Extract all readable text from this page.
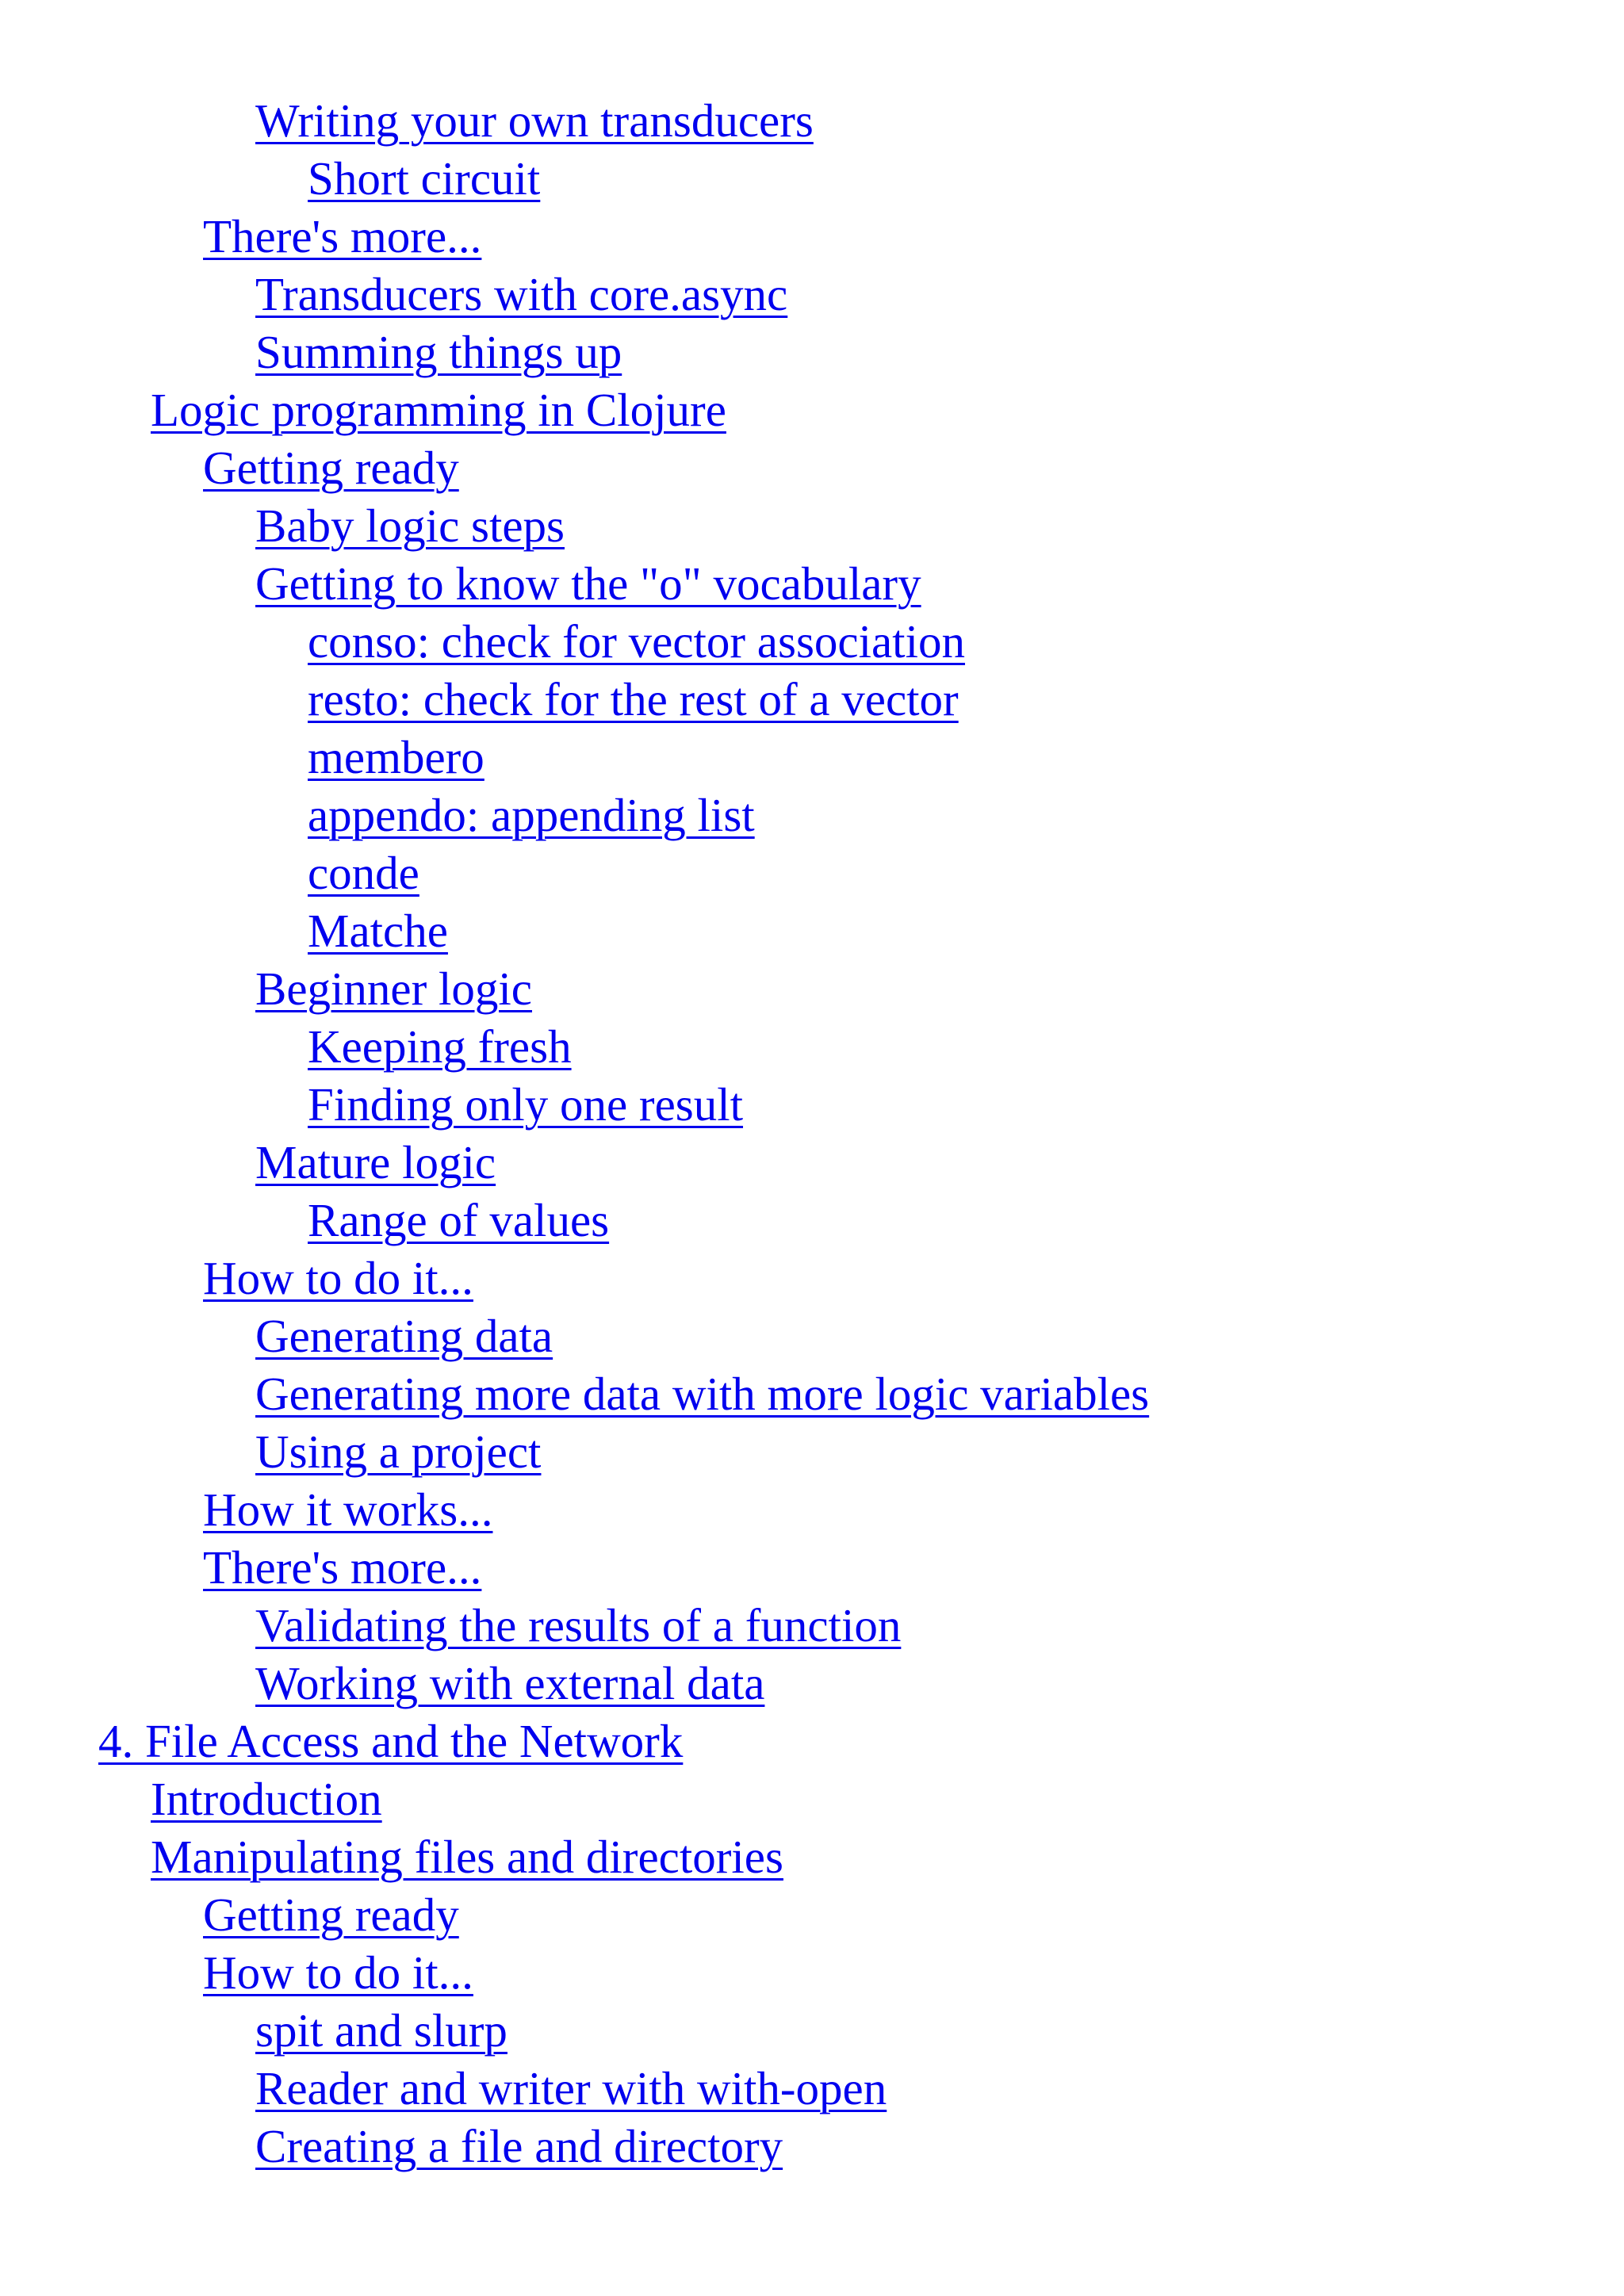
Writing your own transducers
Short circuit
There's more...
Transducers with core.async
Summing things up
Logic programming in Clojure
Getting ready
Baby logic steps
Getting to know the "o" vocabulary
conso: check for vector association
resto: check for the rest of a vector
membero
appendo: appending list
conde
Matche
Beginner logic
Keeping fresh
Finding only one result
Mature logic
Range of values
How to do it...
Generating data
Generating more data with more logic variables
Using a project
How it works...
There's more...
Validating the results of a function
Working with external data
4. File Access and the Network
Introduction
Manipulating files and directories
Getting ready
How to do it...
spit and slurp
Reader and writer with with-open
Creating a file and directory
